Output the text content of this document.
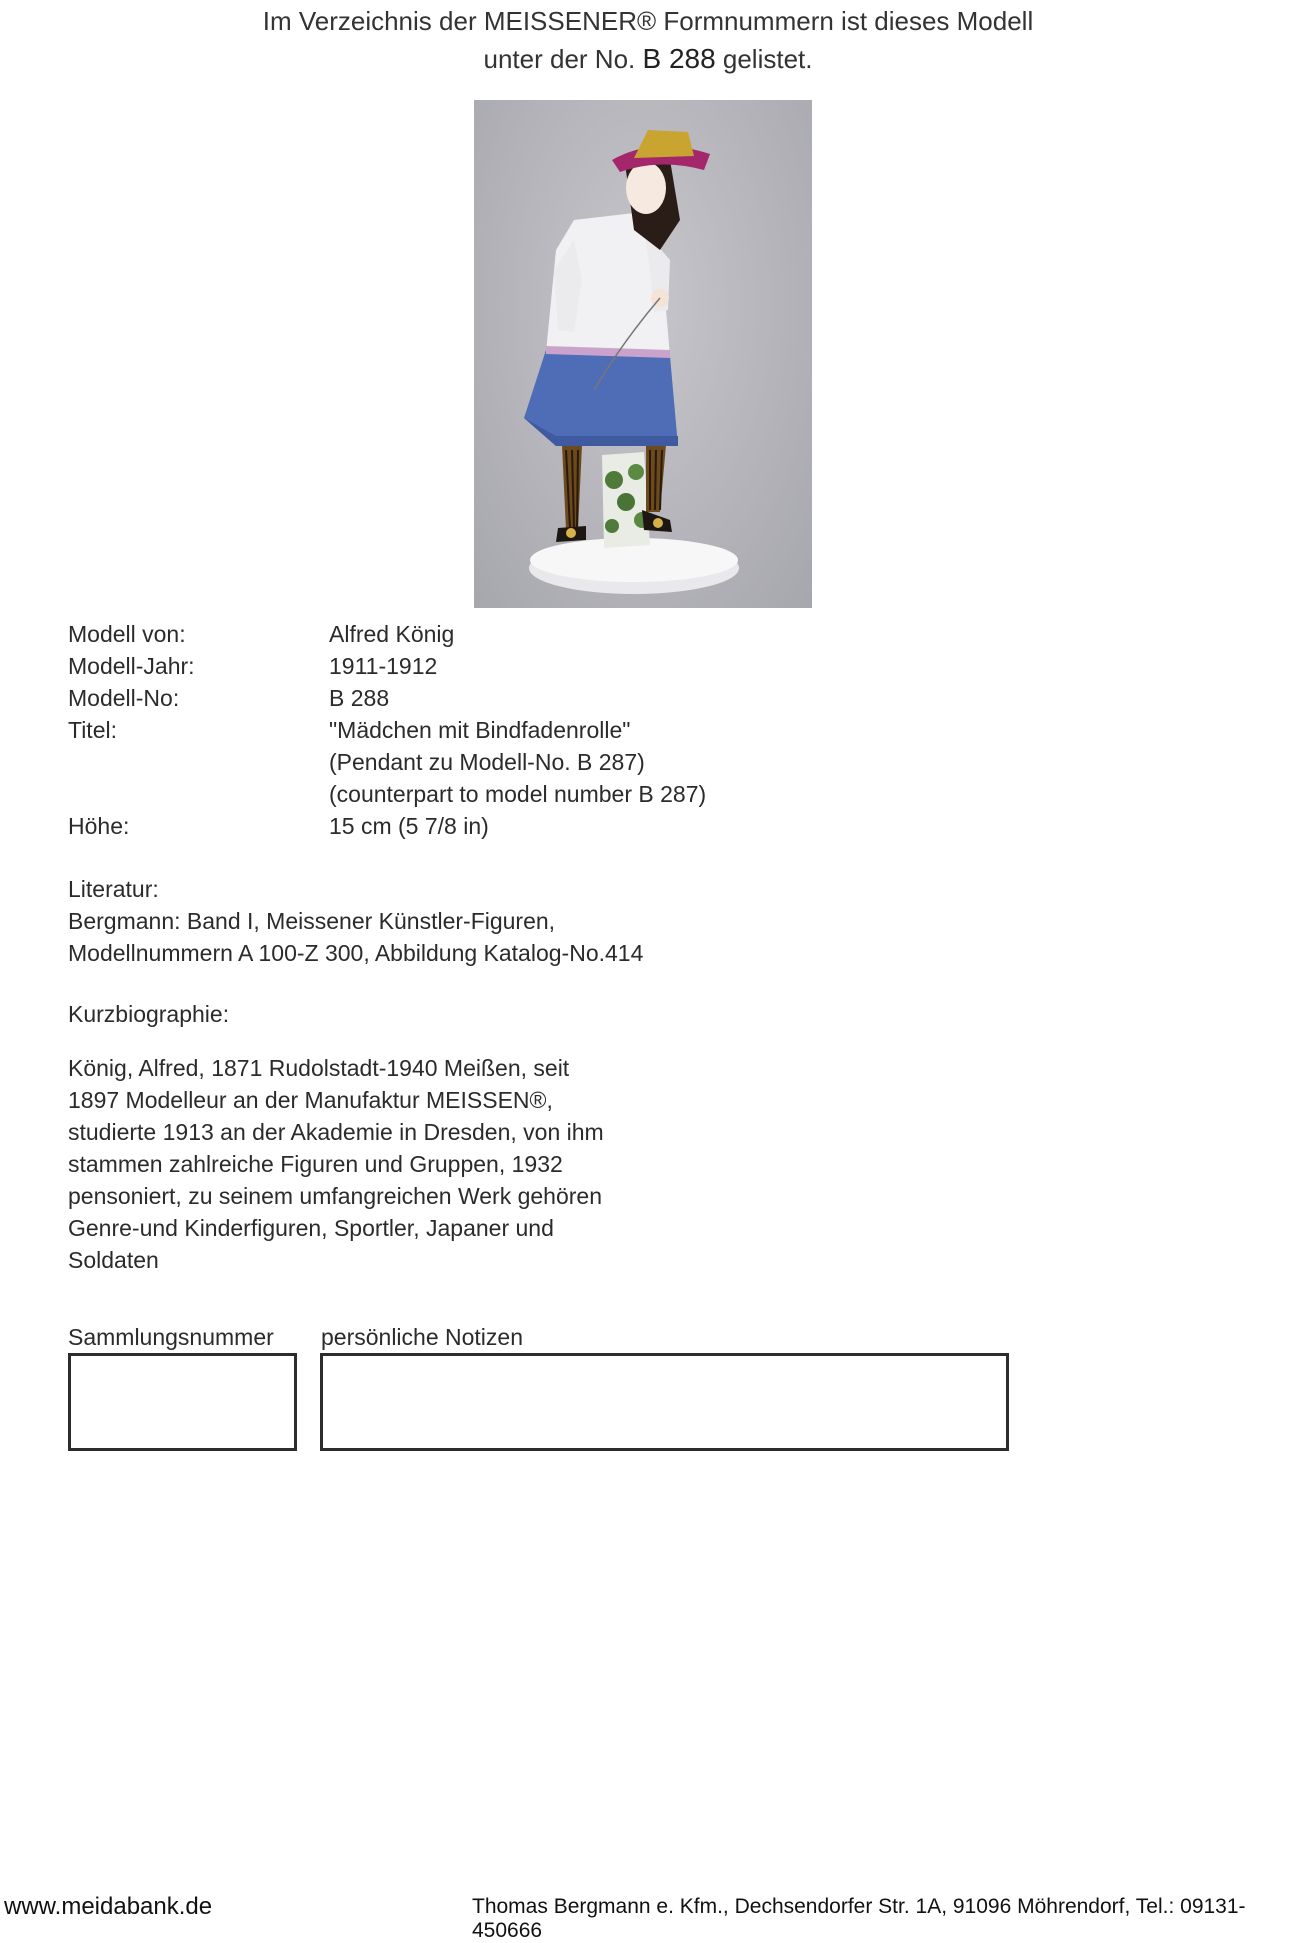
Im Verzeichnis der MEISSENER® Formnummern ist dieses Modell
unter der No. B 288 gelistet.
Modell von:	Alfred König
Modell-Jahr:	1911-1912
Modell-No:	B 288
Titel:	"Mädchen mit Bindfadenrolle"
(Pendant zu Modell-No. B 287)
(counterpart to model number B 287)
Höhe:	15 cm (5 7/8 in)
Literatur:
Bergmann: Band I, Meissener Künstler-Figuren,
Modellnummern A 100-Z 300, Abbildung Katalog-No.414
Kurzbiographie:
König, Alfred, 1871 Rudolstadt-1940 Meißen, seit
1897 Modelleur an der Manufaktur MEISSEN®,
studierte 1913 an der Akademie in Dresden, von ihm
stammen zahlreiche Figuren und Gruppen, 1932
pensoniert, zu seinem umfangreichen Werk gehören
Genre-und Kinderfiguren, Sportler, Japaner und
Soldaten
Sammlungsnummer persönliche Notizen
www.meidabank.de	Thomas Bergmann e. Kfm., Dechsendorfer Str. 1A, 91096 Möhrendorf, Tel.: 09131-450666
